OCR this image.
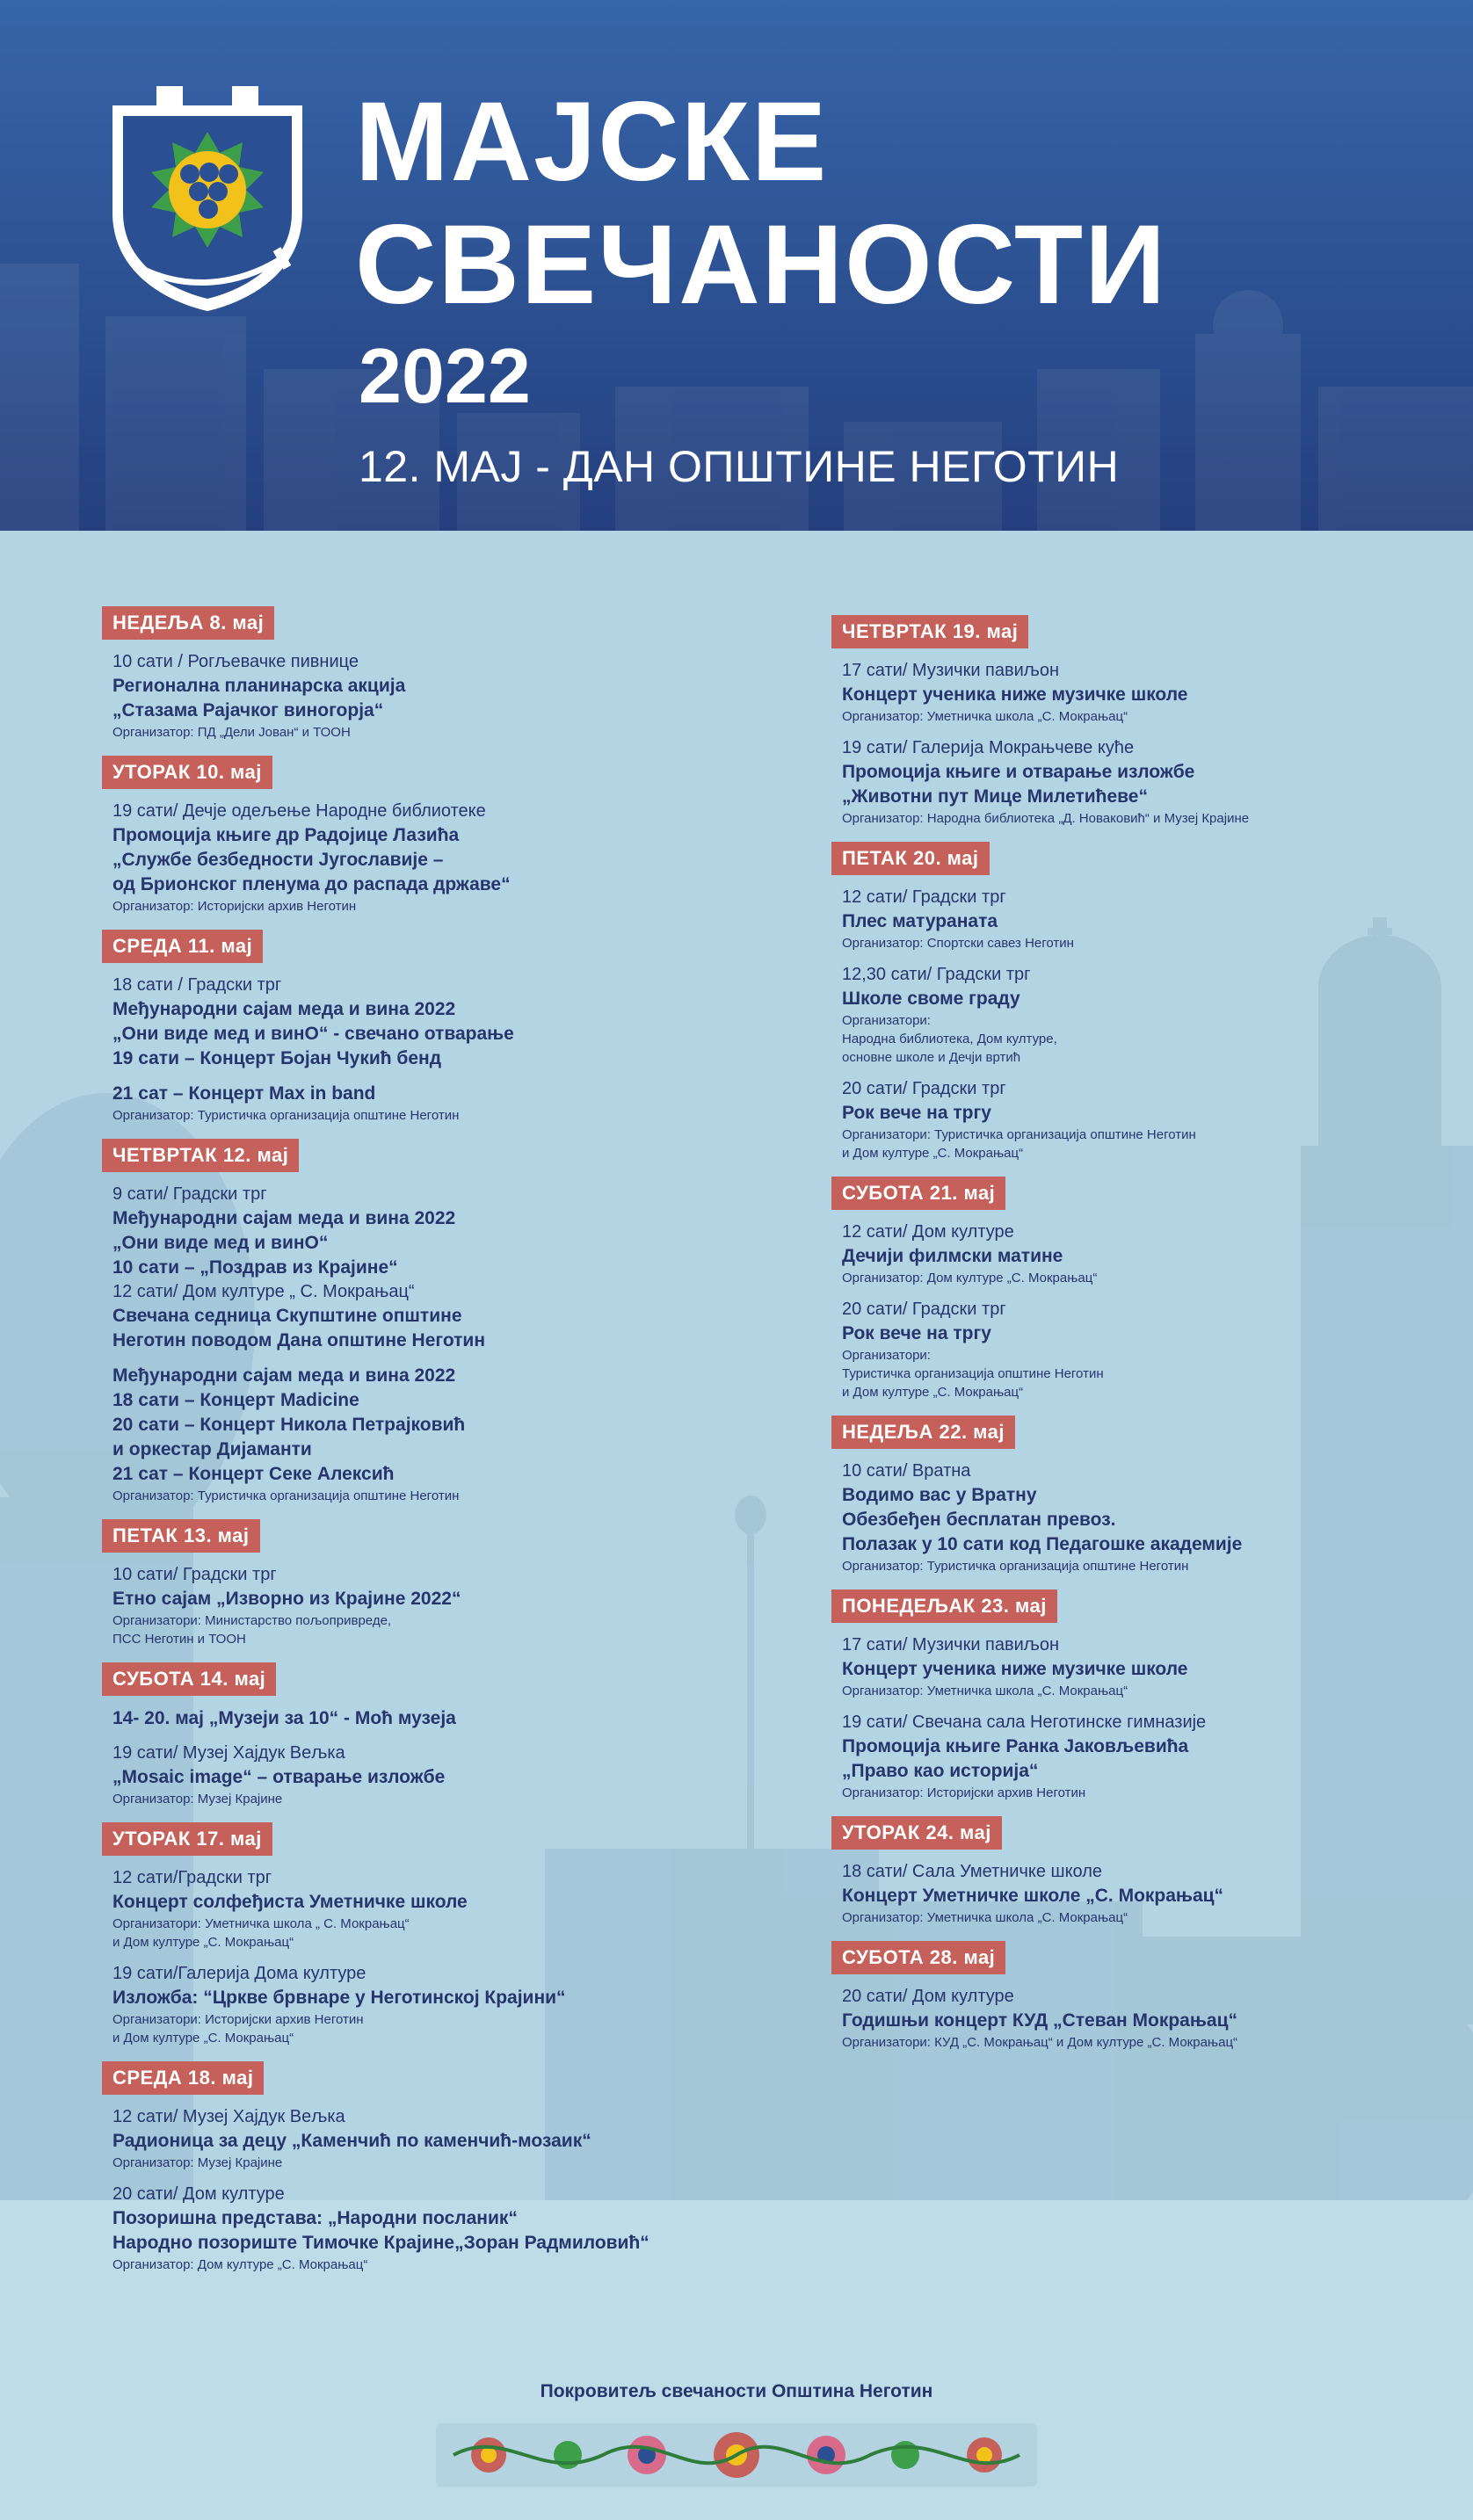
МАЈСКЕ
СВЕЧАНОСТИ
2022
12. МАЈ - ДАН ОПШТИНЕ НЕГОТИН
НЕДЕЉА 8. мај
10 сати / Рогљевачке пивнице
Регионална планинарска акција
„Стазама Рајачког виногорја“
Организатор: ПД „Дели Јован“ и ТООН
УТОРАК 10. мај
19 сати/ Дечје одељење Народне библиотеке
Промоција књиге др Радојице Лазића
„Службе безбедности Југославије –
од Брионског пленума до распада државе“
Организатор: Историјски архив Неготин
СРЕДА 11. мај
18 сати / Градски трг
Међународни сајам меда и вина 2022
„Они виде мед и винО“ - свечано отварање
19 сати – Концерт Бојан Чукић бенд
21 сат – Концерт Max in band
Организатор: Туристичка организација општине Неготин
ЧЕТВРТАК 12. мај
9 сати/ Градски трг
Међународни сајам меда и вина 2022
„Они виде мед и винО“
10 сати – „Поздрав из Крајине“
12 сати/ Дом културе „ С. Мокрањац“
Свечана седница Скупштине општине
Неготин поводом Дана општине Неготин
Међународни сајам меда и вина 2022
18 сати – Концерт Madicine
20 сати – Концерт Никола Петрајковић
и оркестар Дијаманти
21 сат – Концерт Секе Алексић
Организатор: Туристичка организација општине Неготин
ПЕТАК 13. мај
10 сати/ Градски трг
Етно сајам „Изворно из Крајине 2022“
Организатори: Министарство пољопривреде,
ПСС Неготин и ТООН
СУБОТА 14. мај
14- 20. мај „Музеји за 10“ - Моћ музеја
19 сати/ Музеј Хајдук Вељка
„Mosaic image“ – отварање изложбе
Организатор: Музеј Крајине
УТОРАК 17. мај
12 сати/Градски трг
Концерт солфеђиста Уметничке школе
Организатори: Уметничка школа „ С. Мокрањац“
и Дом културе „С. Мокрањац“
19 сати/Галерија Дома културе
Изложба: “Цркве брвнаре у Неготинској Крајини“
Организатори: Историјски архив Неготин
и Дом културе „С. Мокрањац“
СРЕДА 18. мај
12 сати/ Музеј Хајдук Вељка
Радионица за децу „Каменчић по каменчић-мозаик“
Организатор: Музеј Крајине
20 сати/ Дом културе
Позоришна представа: „Народни посланик“
Народно позориште Тимочке Крајине„Зоран Радмиловић“
Организатор: Дом културе „С. Мокрањац“
ЧЕТВРТАК 19. мај
17 сати/ Музички павиљон
Концерт ученика ниже музичке школе
Организатор: Уметничка школа „С. Мокрањац“
19 сати/ Галерија Мокрањчеве куће
Промоција књиге и отварање изложбе
„Животни пут Мице Милетићеве“
Организатор: Народна библиотека „Д. Новаковић“ и Музеј Крајине
ПЕТАК 20. мај
12 сати/ Градски трг
Плес матураната
Организатор: Спортски савез Неготин
12,30 сати/ Градски трг
Школе своме граду
Организатори:
Народна библиотека, Дом културе,
основне школе и Дечји вртић
20 сати/ Градски трг
Рок вече на тргу
Организатори: Туристичка организација општине Неготин
и Дом културе „С. Мокрањац“
СУБОТА 21. мај
12 сати/ Дом културе
Дечији филмски матине
Организатор: Дом културе „С. Мокрањац“
20 сати/ Градски трг
Рок вече на тргу
Организатори:
Туристичка организација општине Неготин
и Дом културе „С. Мокрањац“
НЕДЕЉА 22. мај
10 сати/ Вратна
Водимо вас у Вратну
Обезбеђен бесплатан превоз.
Полазак у 10 сати код Педагошке академије
Организатор: Туристичка организација општине Неготин
ПОНЕДЕЉАК 23. мај
17 сати/ Музички павиљон
Концерт ученика ниже музичке школе
Организатор: Уметничка школа „С. Мокрањац“
19 сати/ Свечана сала Неготинске гимназије
Промоција књиге Ранка Јаковљевића
„Право као историја“
Организатор: Историјски архив Неготин
УТОРАК 24. мај
18 сати/ Сала Уметничке школе
Концерт Уметничке школе „С. Мокрањац“
Организатор: Уметничка школа „С. Мокрањац“
СУБОТА 28. мај
20 сати/ Дом културе
Годишњи концерт КУД „Стеван Мокрањац“
Организатори: КУД „С. Мокрањац“ и Дом културе „С. Мокрањац“
Покровитељ свечаности Општина Неготин
